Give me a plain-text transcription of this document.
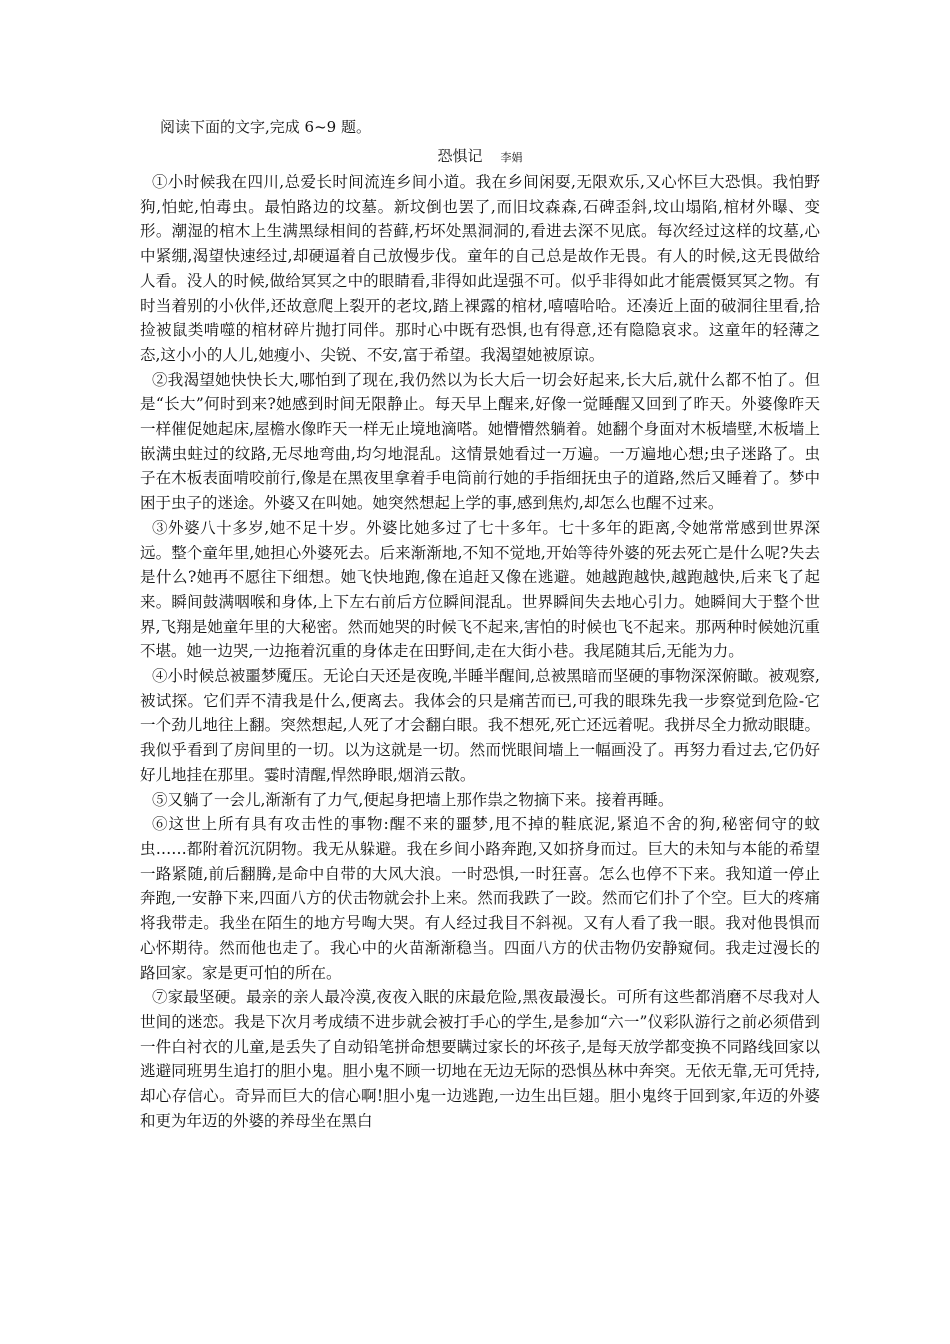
阅读下面的文字,完成 6~9 题。
恐惧记 李娟

①小时候我在四川,总爱长时间流连乡间小道。我在乡间闲耍,无限欢乐,又心怀巨大恐惧。我怕野狗,怕蛇,怕毒虫。最怕路边的坟墓。新坟倒也罢了,而旧坟森森,石碑歪斜,坟山塌陷,棺材外曝、变形。潮湿的棺木上生满黑绿相间的苔藓,朽坏处黑洞洞的,看进去深不见底。每次经过这样的坟墓,心中紧绷,渴望快速经过,却硬逼着自己放慢步伐。童年的自己总是故作无畏。有人的时候,这无畏做给人看。没人的时候,做给冥冥之中的眼睛看,非得如此逞强不可。似乎非得如此才能震慑冥冥之物。有时当着别的小伙伴,还故意爬上裂开的老坟,踏上裸露的棺材,嘻嘻哈哈。还凑近上面的破洞往里看,拾捡被鼠类啃噬的棺材碎片抛打同伴。那时心中既有恐惧,也有得意,还有隐隐哀求。这童年的轻薄之态,这小小的人儿,她瘦小、尖锐、不安,富于希望。我渴望她被原谅。

②我渴望她快快长大,哪怕到了现在,我仍然以为长大后一切会好起来,长大后,就什么都不怕了。但是“长大”何时到来?她感到时间无限静止。每天早上醒来,好像一觉睡醒又回到了昨天。外婆像昨天一样催促她起床,屋檐水像昨天一样无止境地滴嗒。她懵懵然躺着。她翻个身面对木板墙壁,木板墙上嵌满虫蛀过的纹路,无尽地弯曲,均匀地混乱。这情景她看过一万遍。一万遍地心想;虫子迷路了。虫子在木板表面啃咬前行,像是在黑夜里拿着手电筒前行她的手指细抚虫子的道路,然后又睡着了。梦中困于虫子的迷途。外婆又在叫她。她突然想起上学的事,感到焦灼,却怎么也醒不过来。

③外婆八十多岁,她不足十岁。外婆比她多过了七十多年。七十多年的距离,令她常常感到世界深远。整个童年里,她担心外婆死去。后来渐渐地,不知不觉地,开始等待外婆的死去死亡是什么呢?失去是什么?她再不愿往下细想。她飞快地跑,像在追赶又像在逃避。她越跑越快,越跑越快,后来飞了起来。瞬间鼓满咽喉和身体,上下左右前后方位瞬间混乱。世界瞬间失去地心引力。她瞬间大于整个世界,飞翔是她童年里的大秘密。然而她哭的时候飞不起来,害怕的时候也飞不起来。那两种时候她沉重不堪。她一边哭,一边拖着沉重的身体走在田野间,走在大街小巷。我尾随其后,无能为力。

④小时候总被噩梦魇压。无论白天还是夜晚,半睡半醒间,总被黑暗而坚硬的事物深深俯瞰。被观察,被试探。它们弄不清我是什么,便离去。我体会的只是痛苦而已,可我的眼珠先我一步察觉到危险-它一个劲儿地往上翻。突然想起,人死了才会翻白眼。我不想死,死亡还远着呢。我拼尽全力掀动眼睫。我似乎看到了房间里的一切。以为这就是一切。然而恍眼间墙上一幅画没了。再努力看过去,它仍好好儿地挂在那里。霎时清醒,悍然睁眼,烟消云散。

⑤又躺了一会儿,渐渐有了力气,便起身把墙上那作祟之物摘下来。接着再睡。

⑥这世上所有具有攻击性的事物:醒不来的噩梦,甩不掉的鞋底泥,紧追不舍的狗,秘密伺守的蚊虫……都附着沉沉阴物。我无从躲避。我在乡间小路奔跑,又如挤身而过。巨大的未知与本能的希望一路紧随,前后翻腾,是命中自带的大风大浪。一时恐惧,一时狂喜。怎么也停不下来。我知道一停止奔跑,一安静下来,四面八方的伏击物就会扑上来。然而我跌了一跤。然而它们扑了个空。巨大的疼痛将我带走。我坐在陌生的地方号啕大哭。有人经过我目不斜视。又有人看了我一眼。我对他畏惧而心怀期待。然而他也走了。我心中的火苗渐渐稳当。四面八方的伏击物仍安静窥伺。我走过漫长的路回家。家是更可怕的所在。

⑦家最坚硬。最亲的亲人最冷漠,夜夜入眠的床最危险,黑夜最漫长。可所有这些都消磨不尽我对人世间的迷恋。我是下次月考成绩不进步就会被打手心的学生,是参加“六一”仪彩队游行之前必须借到一件白衬衣的儿童,是丢失了自动铅笔拼命想要瞒过家长的坏孩子,是每天放学都变换不同路线回家以逃避同班男生追打的胆小鬼。胆小鬼不顾一切地在无边无际的恐惧丛林中奔突。无依无靠,无可凭持,却心存信心。奇异而巨大的信心啊!胆小鬼一边逃跑,一边生出巨翅。胆小鬼终于回到家,年迈的外婆和更为年迈的外婆的养母坐在黑白
